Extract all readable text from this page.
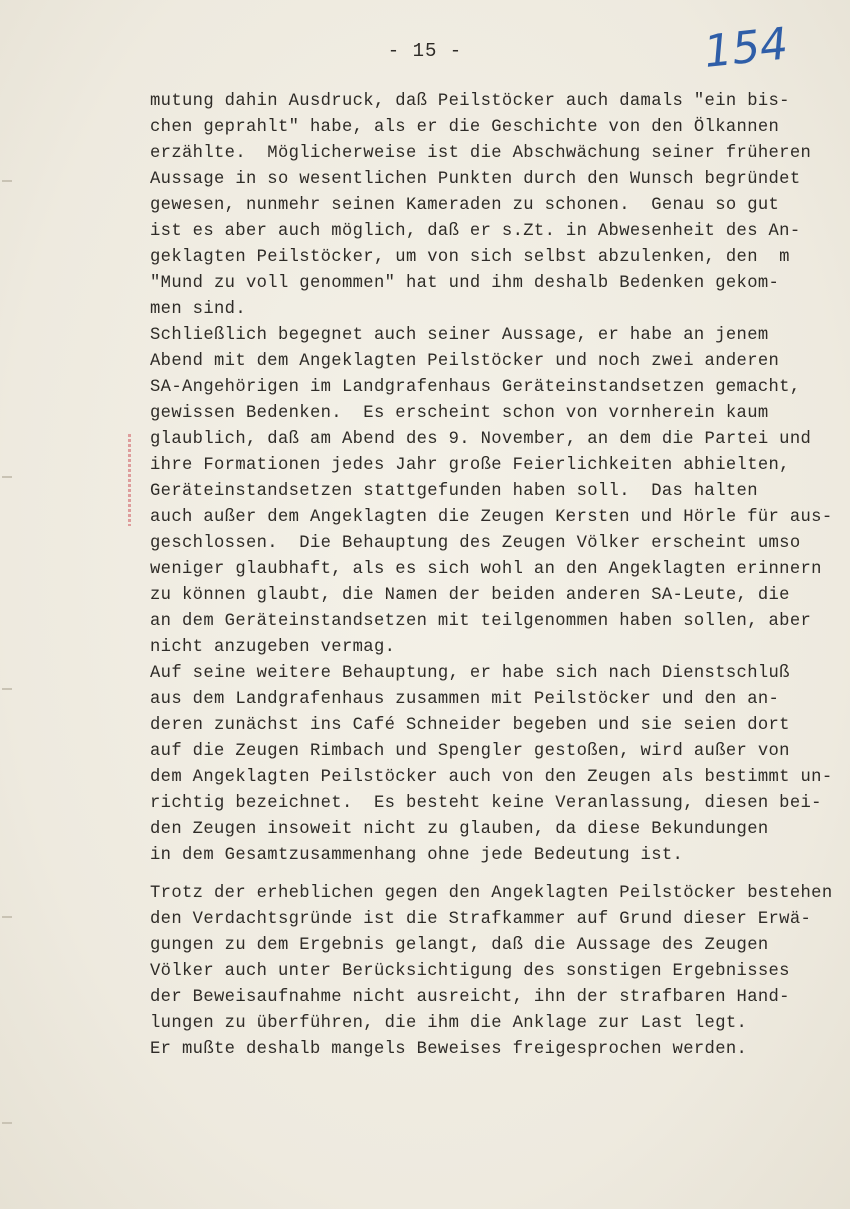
- 15 -	154
mutung dahin Ausdruck, daß Peilstöcker auch damals "ein bis-
chen geprahlt" habe, als er die Geschichte von den Ölkannen
erzählte.  Möglicherweise ist die Abschwächung seiner früheren
Aussage in so wesentlichen Punkten durch den Wunsch begründet
gewesen, nunmehr seinen Kameraden zu schonen.  Genau so gut
ist es aber auch möglich, daß er s.Zt. in Abwesenheit des An-
geklagten Peilstöcker, um von sich selbst abzulenken, den  m
"Mund zu voll genommen" hat und ihm deshalb Bedenken gekom-
men sind.
Schließlich begegnet auch seiner Aussage, er habe an jenem
Abend mit dem Angeklagten Peilstöcker und noch zwei anderen
SA-Angehörigen im Landgrafenhaus Geräteinstandsetzen gemacht,
gewissen Bedenken.  Es erscheint schon von vornherein kaum
glaublich, daß am Abend des 9. November, an dem die Partei und
ihre Formationen jedes Jahr große Feierlichkeiten abhielten,
Geräteinstandsetzen stattgefunden haben soll.  Das halten
auch außer dem Angeklagten die Zeugen Kersten und Hörle für aus-
geschlossen.  Die Behauptung des Zeugen Völker erscheint umso
weniger glaubhaft, als es sich wohl an den Angeklagten erinnern
zu können glaubt, die Namen der beiden anderen SA-Leute, die
an dem Geräteinstandsetzen mit teilgenommen haben sollen, aber
nicht anzugeben vermag.
Auf seine weitere Behauptung, er habe sich nach Dienstschluß
aus dem Landgrafenhaus zusammen mit Peilstöcker und den an-
deren zunächst ins Café Schneider begeben und sie seien dort
auf die Zeugen Rimbach und Spengler gestoßen, wird außer von
dem Angeklagten Peilstöcker auch von den Zeugen als bestimmt un-
richtig bezeichnet.  Es besteht keine Veranlassung, diesen bei-
den Zeugen insoweit nicht zu glauben, da diese Bekundungen
in dem Gesamtzusammenhang ohne jede Bedeutung ist.
Trotz der erheblichen gegen den Angeklagten Peilstöcker bestehen
den Verdachtsgründe ist die Strafkammer auf Grund dieser Erwä-
gungen zu dem Ergebnis gelangt, daß die Aussage des Zeugen
Völker auch unter Berücksichtigung des sonstigen Ergebnisses
der Beweisaufnahme nicht ausreicht, ihn der strafbaren Hand-
lungen zu überführen, die ihm die Anklage zur Last legt.
Er mußte deshalb mangels Beweises freigesprochen werden.
